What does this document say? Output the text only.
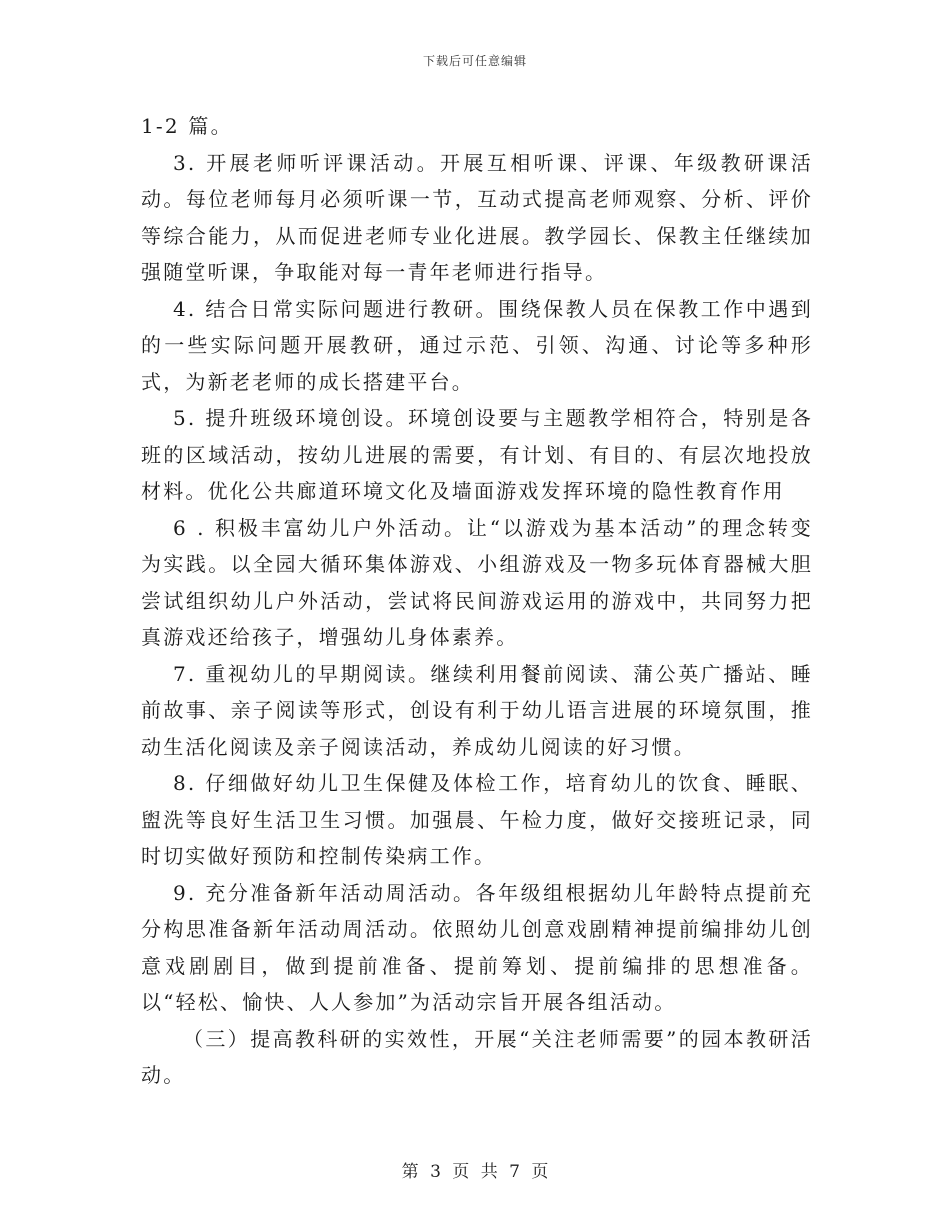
下载后可任意编辑

1-2 篇。

3. 开展老师听评课活动。开展互相听课、评课、年级教研课活动。每位老师每月必须听课一节，互动式提高老师观察、分析、评价等综合能力，从而促进老师专业化进展。教学园长、保教主任继续加强随堂听课，争取能对每一青年老师进行指导。

4. 结合日常实际问题进行教研。围绕保教人员在保教工作中遇到的一些实际问题开展教研，通过示范、引领、沟通、讨论等多种形式，为新老老师的成长搭建平台。

5. 提升班级环境创设。环境创设要与主题教学相符合，特别是各班的区域活动，按幼儿进展的需要，有计划、有目的、有层次地投放材料。优化公共廊道环境文化及墙面游戏发挥环境的隐性教育作用

6 . 积极丰富幼儿户外活动。让“以游戏为基本活动”的理念转变为实践。以全园大循环集体游戏、小组游戏及一物多玩体育器械大胆尝试组织幼儿户外活动，尝试将民间游戏运用的游戏中，共同努力把真游戏还给孩子，增强幼儿身体素养。

7. 重视幼儿的早期阅读。继续利用餐前阅读、蒲公英广播站、睡前故事、亲子阅读等形式，创设有利于幼儿语言进展的环境氛围，推动生活化阅读及亲子阅读活动，养成幼儿阅读的好习惯。

8. 仔细做好幼儿卫生保健及体检工作，培育幼儿的饮食、睡眠、盥洗等良好生活卫生习惯。加强晨、午检力度，做好交接班记录，同时切实做好预防和控制传染病工作。

9. 充分准备新年活动周活动。各年级组根据幼儿年龄特点提前充分构思准备新年活动周活动。依照幼儿创意戏剧精神提前编排幼儿创意戏剧剧目，做到提前准备、提前筹划、提前编排的思想准备。以“轻松、愉快、人人参加”为活动宗旨开展各组活动。

（三）提高教科研的实效性，开展“关注老师需要”的园本教研活动。

第 3 页 共 7 页
